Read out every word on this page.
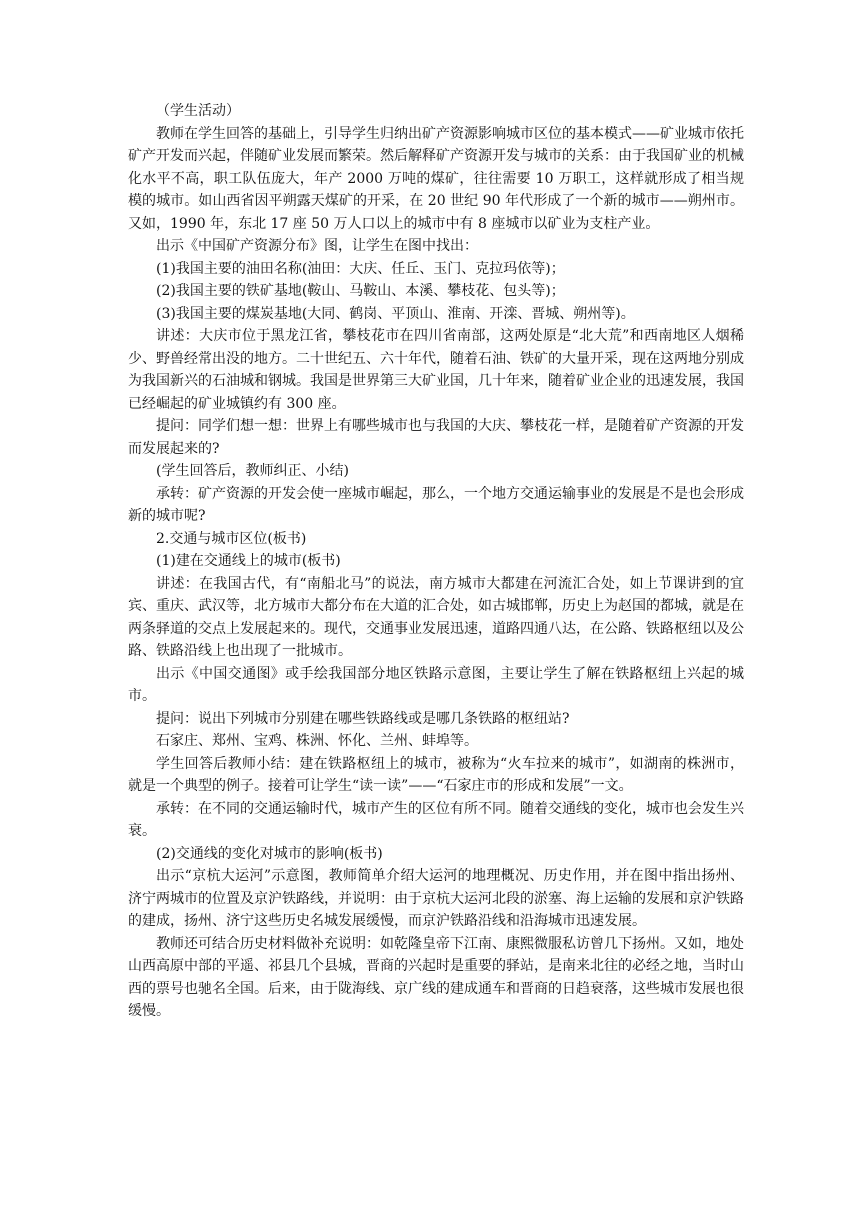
（学生活动）

教师在学生回答的基础上，引导学生归纳出矿产资源影响城市区位的基本模式——矿业城市依托矿产开发而兴起，伴随矿业发展而繁荣。然后解释矿产资源开发与城市的关系：由于我国矿业的机械化水平不高，职工队伍庞大，年产 2000 万吨的煤矿，往往需要 10 万职工，这样就形成了相当规模的城市。如山西省因平朔露天煤矿的开采，在 20 世纪 90 年代形成了一个新的城市——朔州市。又如，1990 年，东北 17 座 50 万人口以上的城市中有 8 座城市以矿业为支柱产业。

出示《中国矿产资源分布》图，让学生在图中找出：

(1)我国主要的油田名称(油田：大庆、任丘、玉门、克拉玛依等)；

(2)我国主要的铁矿基地(鞍山、马鞍山、本溪、攀枝花、包头等)；

(3)我国主要的煤炭基地(大同、鹤岗、平顶山、淮南、开滦、晋城、朔州等)。

讲述：大庆市位于黑龙江省，攀枝花市在四川省南部，这两处原是“北大荒”和西南地区人烟稀少、野兽经常出没的地方。二十世纪五、六十年代，随着石油、铁矿的大量开采，现在这两地分别成为我国新兴的石油城和钢城。我国是世界第三大矿业国，几十年来，随着矿业企业的迅速发展，我国已经崛起的矿业城镇约有 300 座。

提问：同学们想一想：世界上有哪些城市也与我国的大庆、攀枝花一样，是随着矿产资源的开发而发展起来的?

(学生回答后，教师纠正、小结)

承转：矿产资源的开发会使一座城市崛起，那么，一个地方交通运输事业的发展是不是也会形成新的城市呢?

2.交通与城市区位(板书)

(1)建在交通线上的城市(板书)

讲述：在我国古代，有“南船北马”的说法，南方城市大都建在河流汇合处，如上节课讲到的宜宾、重庆、武汉等，北方城市大都分布在大道的汇合处，如古城邯郸，历史上为赵国的都城，就是在两条驿道的交点上发展起来的。现代，交通事业发展迅速，道路四通八达，在公路、铁路枢纽以及公路、铁路沿线上也出现了一批城市。

出示《中国交通图》或手绘我国部分地区铁路示意图，主要让学生了解在铁路枢纽上兴起的城市。

提问：说出下列城市分别建在哪些铁路线或是哪几条铁路的枢纽站?

石家庄、郑州、宝鸡、株洲、怀化、兰州、蚌埠等。

学生回答后教师小结：建在铁路枢纽上的城市，被称为“火车拉来的城市”，如湖南的株洲市，就是一个典型的例子。接着可让学生“读一读”——“石家庄市的形成和发展”一文。

承转：在不同的交通运输时代，城市产生的区位有所不同。随着交通线的变化，城市也会发生兴衰。

(2)交通线的变化对城市的影响(板书)

出示“京杭大运河”示意图，教师简单介绍大运河的地理概况、历史作用，并在图中指出扬州、济宁两城市的位置及京沪铁路线，并说明：由于京杭大运河北段的淤塞、海上运输的发展和京沪铁路的建成，扬州、济宁这些历史名城发展缓慢，而京沪铁路沿线和沿海城市迅速发展。

教师还可结合历史材料做补充说明：如乾隆皇帝下江南、康熙微服私访曾几下扬州。又如，地处山西高原中部的平遥、祁县几个县城，晋商的兴起时是重要的驿站，是南来北往的必经之地，当时山西的票号也驰名全国。后来，由于陇海线、京广线的建成通车和晋商的日趋衰落，这些城市发展也很缓慢。
